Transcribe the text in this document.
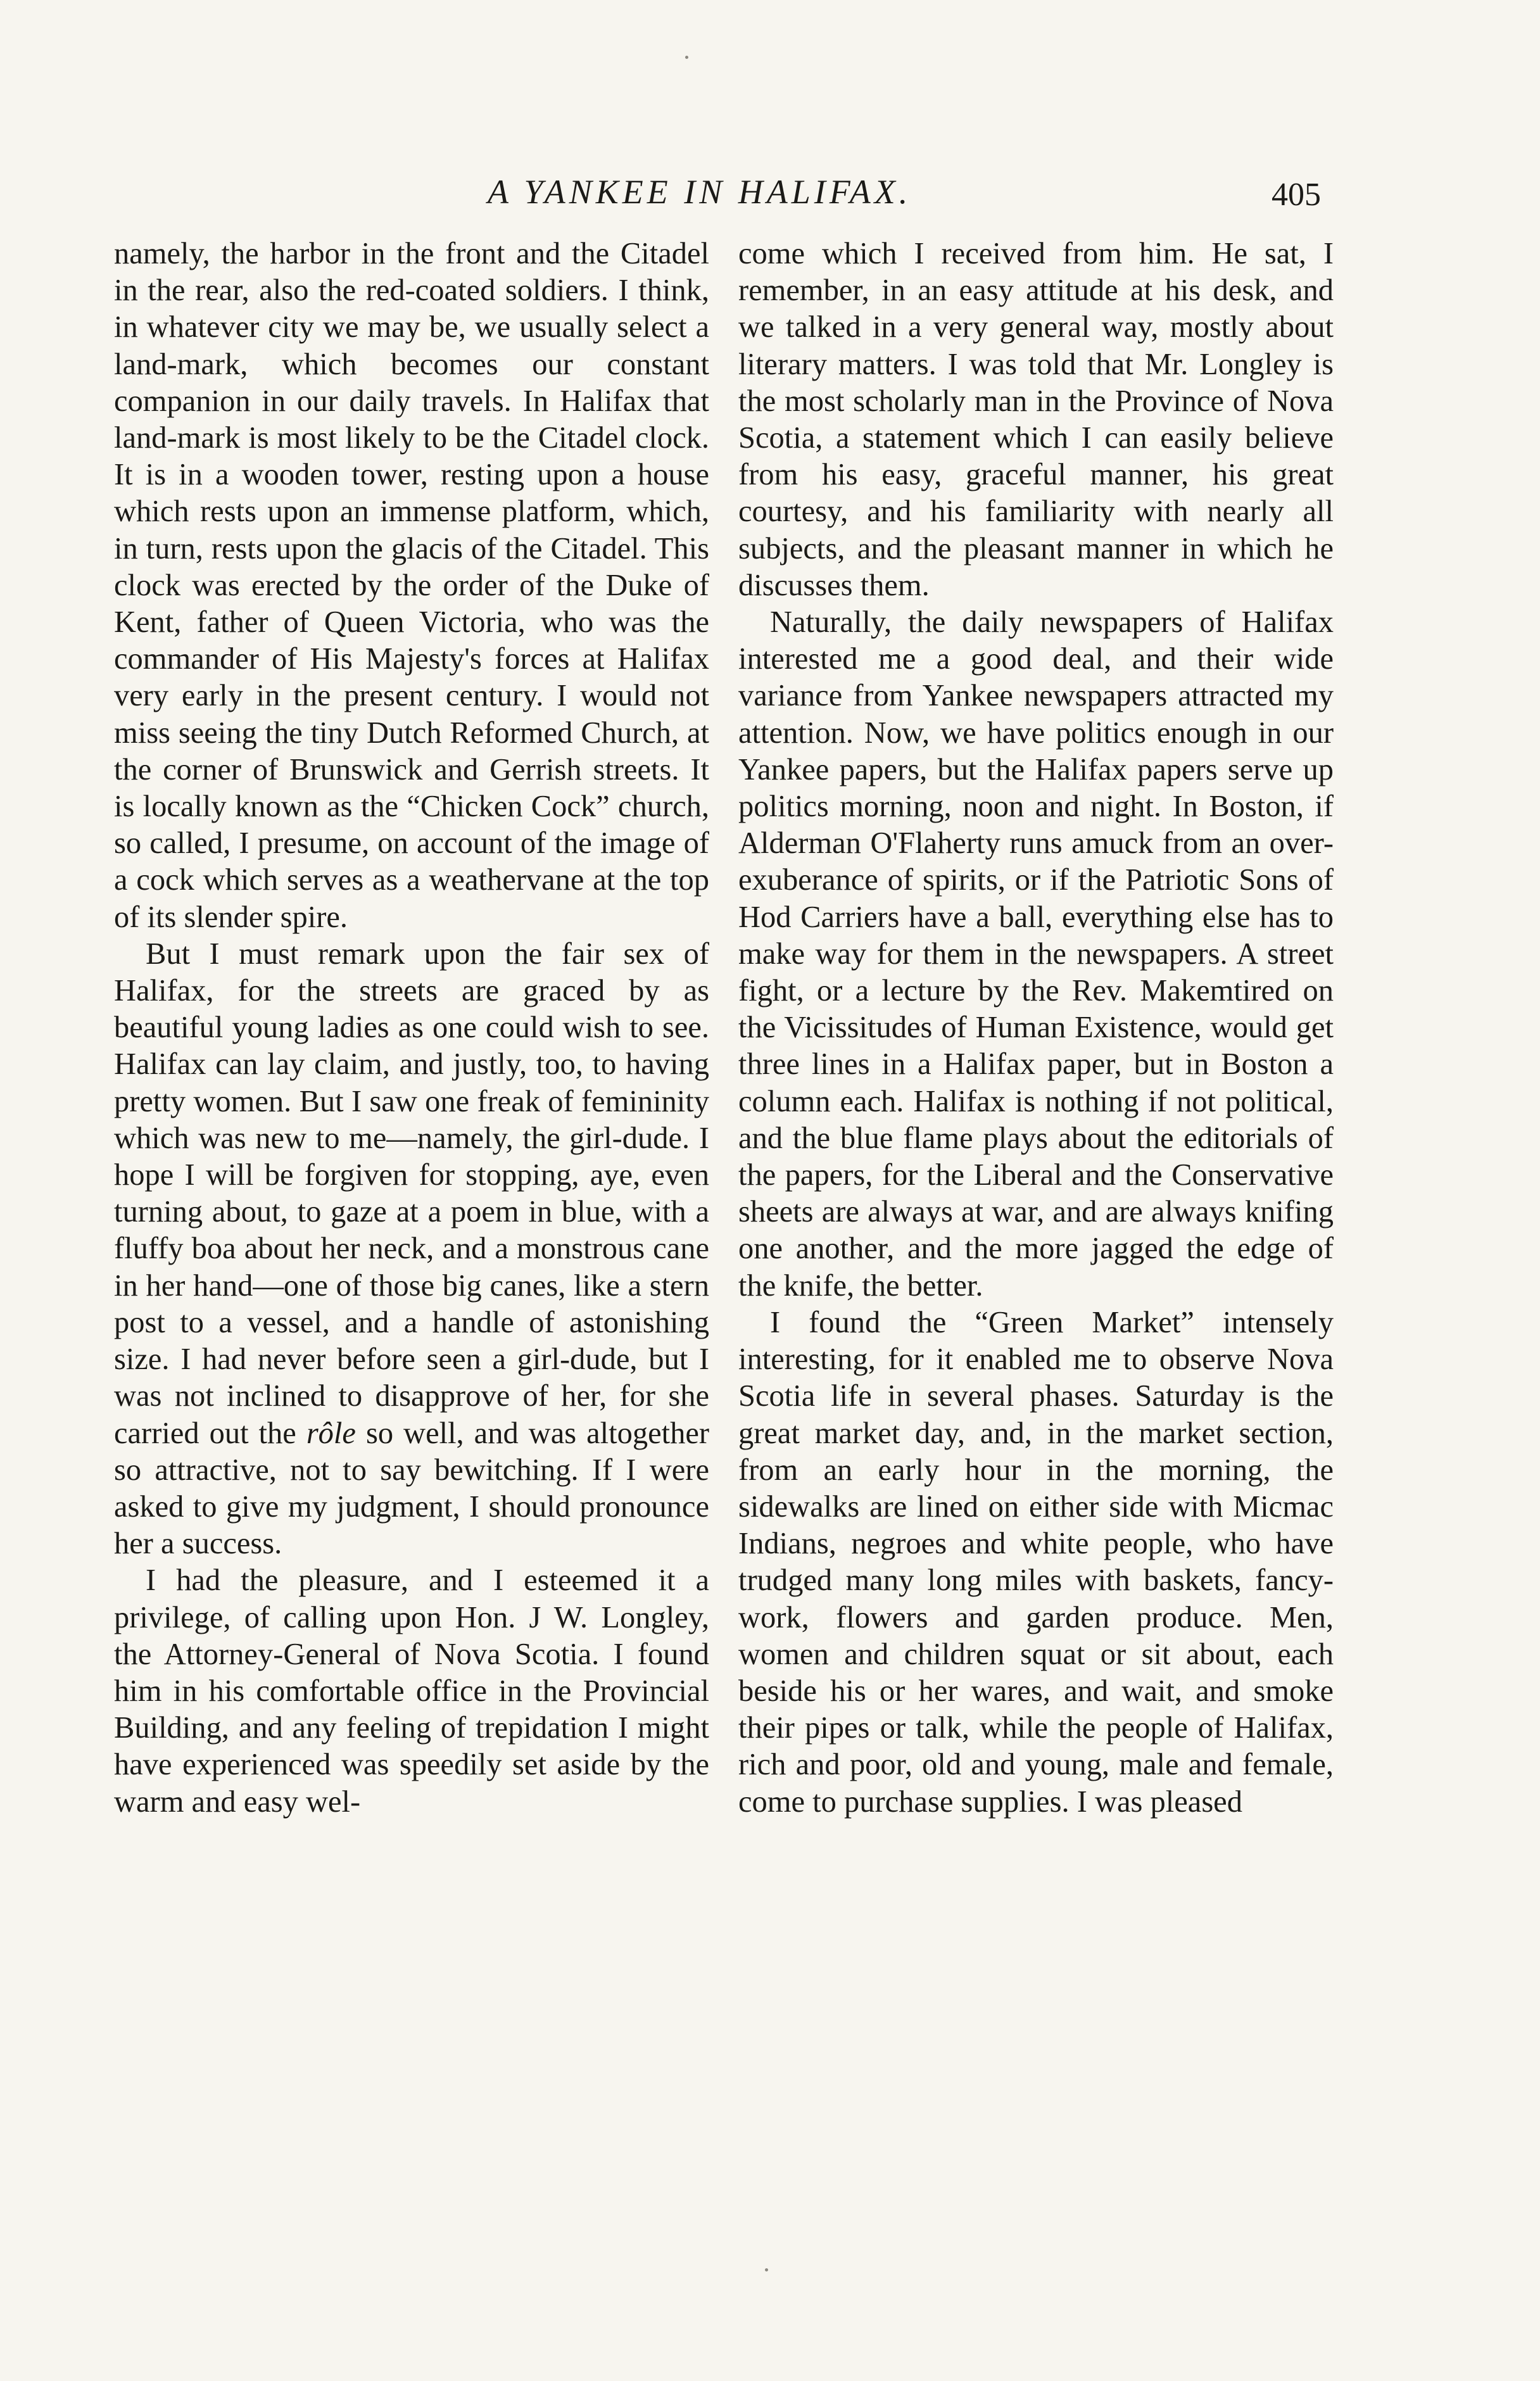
A YANKEE IN HALIFAX.	405

namely, the harbor in the front and the Citadel in the rear, also the red-coated soldiers. I think, in whatever city we may be, we usually select a land-mark, which becomes our constant companion in our daily travels. In Halifax that land-mark is most likely to be the Citadel clock. It is in a wooden tower, resting upon a house which rests upon an immense platform, which, in turn, rests upon the glacis of the Citadel. This clock was erected by the order of the Duke of Kent, father of Queen Victoria, who was the commander of His Majesty's forces at Halifax very early in the present century. I would not miss seeing the tiny Dutch Reformed Church, at the corner of Brunswick and Gerrish streets. It is locally known as the “Chicken Cock” church, so called, I presume, on account of the image of a cock which serves as a weathervane at the top of its slender spire.

But I must remark upon the fair sex of Halifax, for the streets are graced by as beautiful young ladies as one could wish to see. Halifax can lay claim, and justly, too, to having pretty women. But I saw one freak of femininity which was new to me—namely, the girl-dude. I hope I will be forgiven for stopping, aye, even turning about, to gaze at a poem in blue, with a fluffy boa about her neck, and a monstrous cane in her hand—one of those big canes, like a stern post to a vessel, and a handle of astonishing size. I had never before seen a girl-dude, but I was not inclined to disapprove of her, for she carried out the rôle so well, and was altogether so attractive, not to say bewitching. If I were asked to give my judgment, I should pronounce her a success.

I had the pleasure, and I esteemed it a privilege, of calling upon Hon. J W. Longley, the Attorney-General of Nova Scotia. I found him in his comfortable office in the Provincial Building, and any feeling of trepidation I might have experienced was speedily set aside by the warm and easy wel-

come which I received from him. He sat, I remember, in an easy attitude at his desk, and we talked in a very general way, mostly about literary matters. I was told that Mr. Longley is the most scholarly man in the Province of Nova Scotia, a statement which I can easily believe from his easy, graceful manner, his great courtesy, and his familiarity with nearly all subjects, and the pleasant manner in which he discusses them.

Naturally, the daily newspapers of Halifax interested me a good deal, and their wide variance from Yankee newspapers attracted my attention. Now, we have politics enough in our Yankee papers, but the Halifax papers serve up politics morning, noon and night. In Boston, if Alderman O'Flaherty runs amuck from an over-exuberance of spirits, or if the Patriotic Sons of Hod Carriers have a ball, everything else has to make way for them in the newspapers. A street fight, or a lecture by the Rev. Makemtired on the Vicissitudes of Human Existence, would get three lines in a Halifax paper, but in Boston a column each. Halifax is nothing if not political, and the blue flame plays about the editorials of the papers, for the Liberal and the Conservative sheets are always at war, and are always knifing one another, and the more jagged the edge of the knife, the better.

I found the “Green Market” intensely interesting, for it enabled me to observe Nova Scotia life in several phases. Saturday is the great market day, and, in the market section, from an early hour in the morning, the sidewalks are lined on either side with Micmac Indians, negroes and white people, who have trudged many long miles with baskets, fancy-work, flowers and garden produce. Men, women and children squat or sit about, each beside his or her wares, and wait, and smoke their pipes or talk, while the people of Halifax, rich and poor, old and young, male and female, come to purchase supplies. I was pleased
